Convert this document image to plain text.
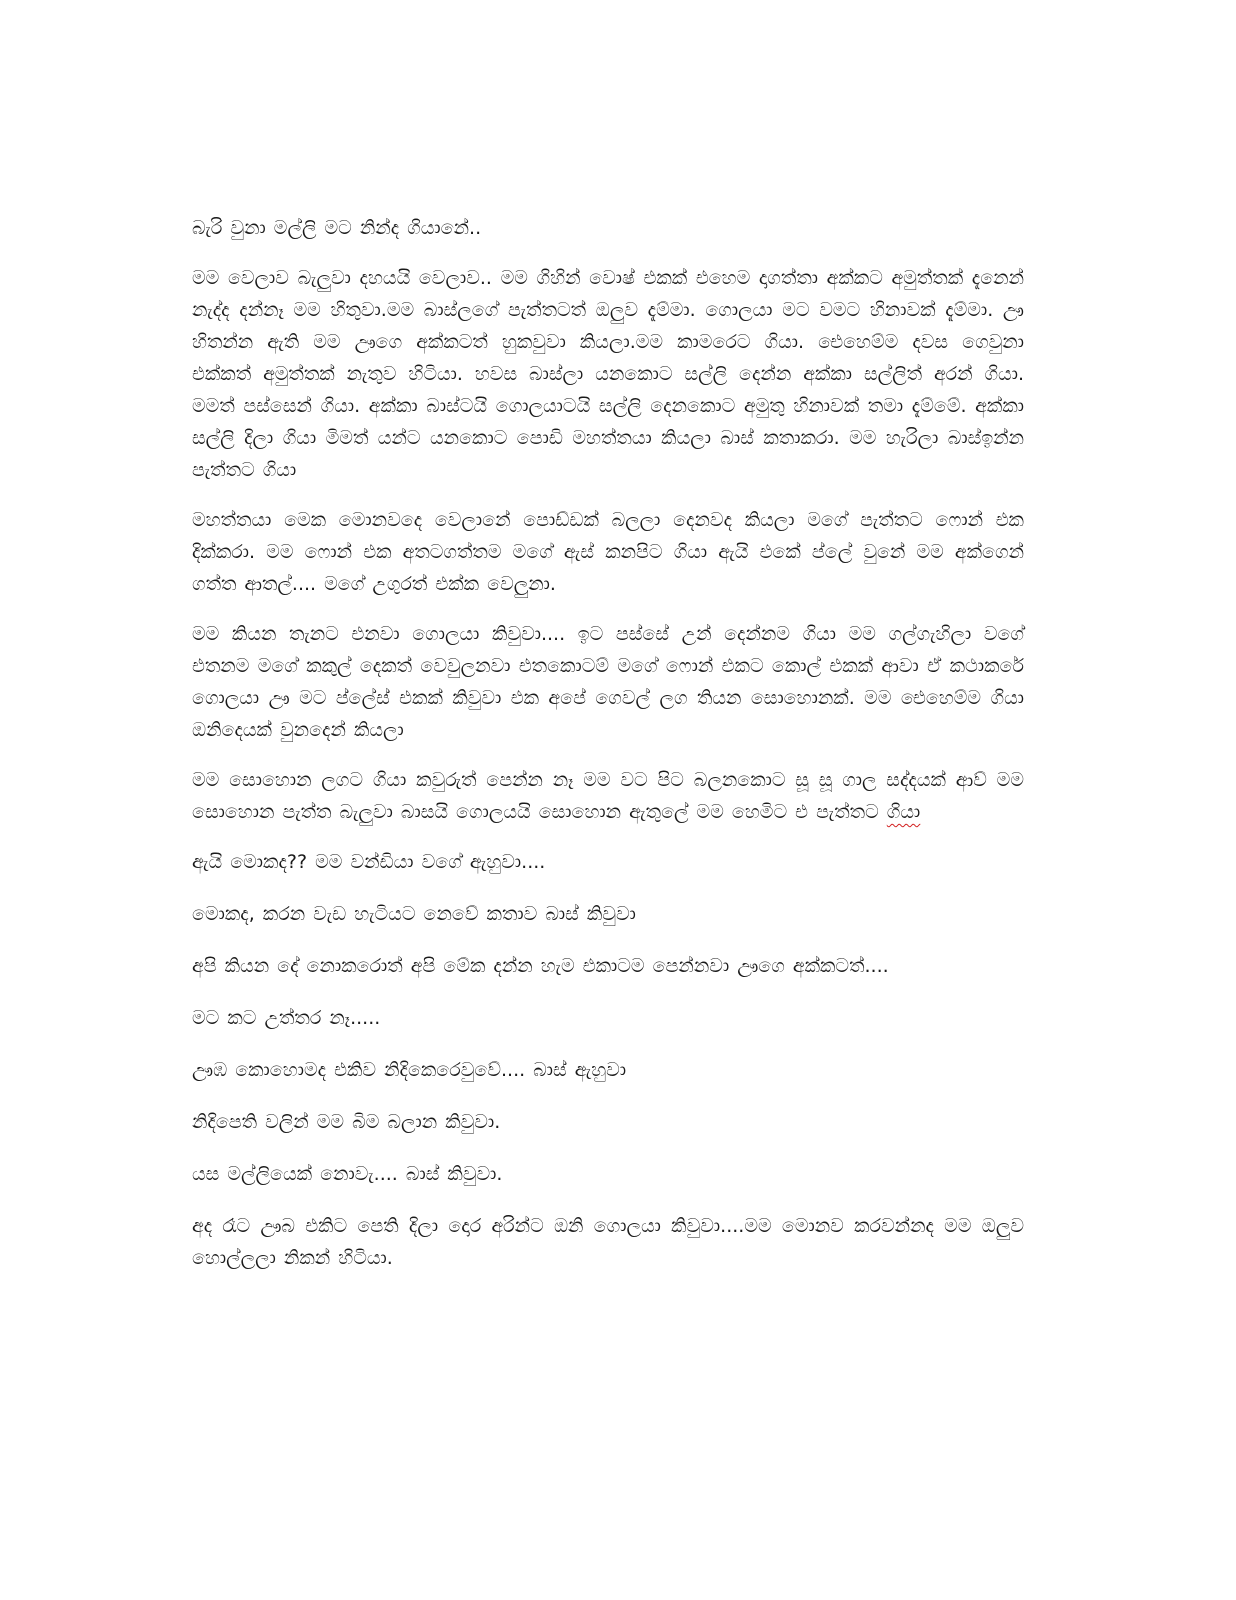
බැරි වුනා මල්ලි මට නින්ද ගියානේ..

මම වෙලාව බැලුවා දහයයි වෙලාව.. මම ගිහින් වොෂ් එකක් එහෙම දාගත්තා අක්කට අමුත්තක් දැනෙන් නැද්ද දන්නෑ මම හිතුවා.මම බාස්ලගේ පැත්තටත් ඔලුව දැම්මා. ගොලයා මට වමට හිනාවක් දැම්මා. ඌ හිතන්න ඇති මම ඌගෙ අක්කටත් හුකවුවා කියලා.මම කාමරෙට ගියා. ඓහෙම්ම දවස ගෙවුනා එක්කත් අමුත්තක් නැතුව හිටියා. හවස බාස්ලා යනකොට සල්ලි දෙන්න අක්කා සල්ලිත් අරන් ගියා. මමත් පස්සෙන් ගියා. අක්කා බාස්ටයි ගොලයාටයි සල්ලි දෙනකොට අමුතු හිනාවක් තමා දැම්මේ. අක්කා සල්ලි දිලා ගියා මිමත් යන්ට යනකොට පොඩි මහත්තයා කියලා බාස් කතාකරා. මම හැරිලා බාස්ඉන්න පැත්තට ගියා

මහත්තයා මෙක මොනවදෙ වෙලානේ පොඩ්ඩක් බලලා දෙනවද කියලා මගේ පැත්තට ෆොන් එක දික්කරා. මම ෆොන් එක අතටගත්තම මගේ ඇස් කනපිට ගියා ඇයි එකේ ප්ලේ වුනේ මම අක්ගෙන් ගත්ත ආතල්.... මගේ උගුරත් එක්ක වෙලුනා.

මම කියන තැනට එනවා ගොලයා කිවුවා.... ඉට පස්සේ උන් දෙන්නම ගියා මම ගල්ගැහිලා වගේ එතනම මගේ කකුල් දෙකත් වෙවුලනවා එතකොටම් මගේ ෆොන් එකට කොල් එකක් ආවා ඒ කථාකරේ ගොලයා ඌ මට ප්ලේස් එකක් කිවුවා එක අපේ ගෙවල් ලග තියන සොහොනක්. මම ඓහෙම්ම ගියා ඔනිදෙයක් වුනදෙන් කියලා

මම සොහොන ලගට ගියා කවුරුත් පෙන්න නෑ මම වට පිට බලනකොට සූ සූ ගාල සද්දයක් ආව් මම සොහොන පැත්ත බැලුවා බාසයි ගොලයයි සොහොන ඇතුලේ මම හෙමිට එ පැත්තට ගියා

ඇයි මොකද?? මම වන්ඩියා වගේ ඇහුවා....

මොකද, කරන වැඩ හැටියට නෙවේ කතාව බාස් කිවුවා

අපි කියන දේ නොකරොත් අපි මේක දන්න හැම එකාටම පෙන්නවා ඌගෙ අක්කටත්....

මට කට උත්තර නෑ.....

ඌඹ කොහොමද එකිව නිදිකෙරෙවුවේ.... බාස් ඇහුවා

නිදිපෙති වලින් මම බිම බලාන කිවුවා.

යස මල්ලියෙක් නොවැ.... බාස් කිවුවා.

අද රෑට ඌබ එකිට පෙති දිලා දොර අරින්ට ඔනි ගොලයා කිවුවා....මම මොනව කරවන්නද මම ඔලුව හොල්ලලා නිකන් හිටියා.
